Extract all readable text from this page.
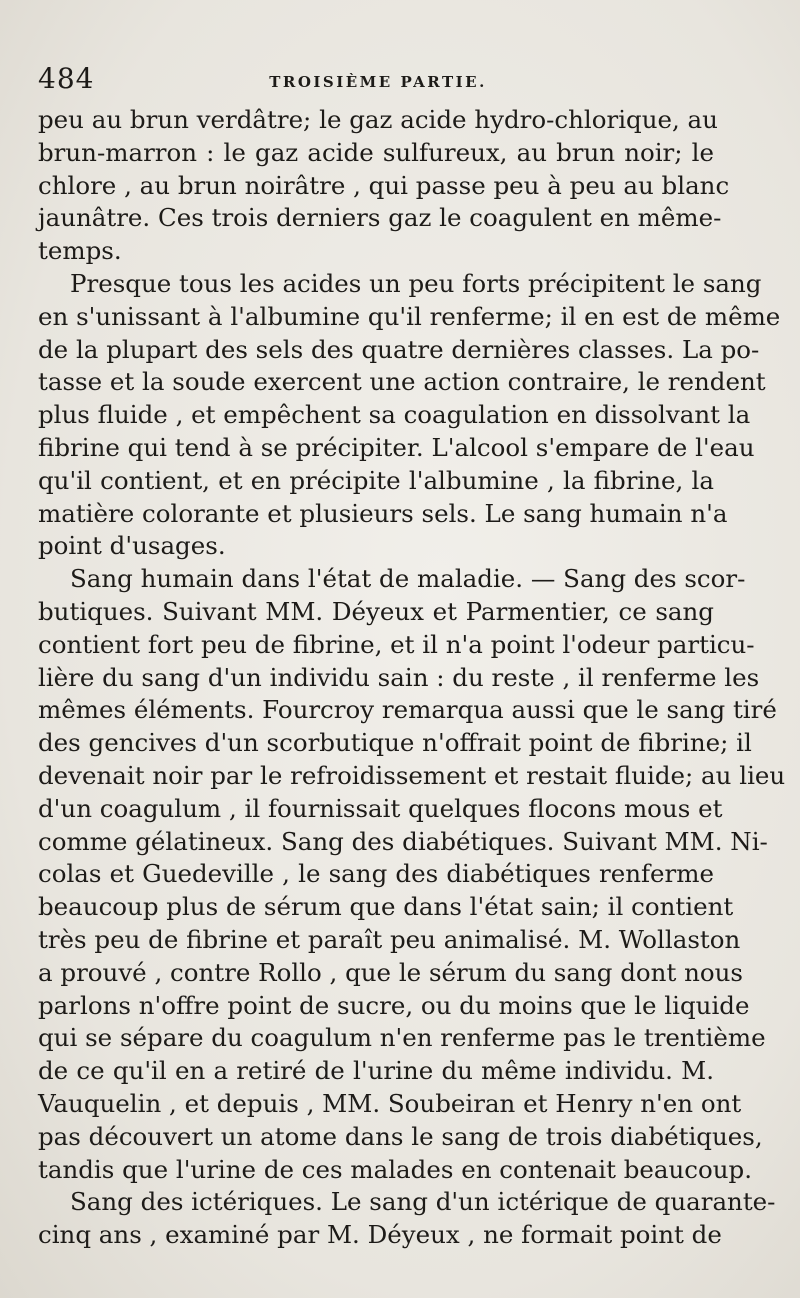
484	TROISIÈME PARTIE.
peu au brun verdâtre; le gaz acide hydro-chlorique, au
brun-marron : le gaz acide sulfureux, au brun noir; le
chlore , au brun noirâtre , qui passe peu à peu au blanc
jaunâtre. Ces trois derniers gaz le coagulent en même-
temps.
Presque tous les acides un peu forts précipitent le sang
en s'unissant à l'albumine qu'il renferme; il en est de même
de la plupart des sels des quatre dernières classes. La po-
tasse et la soude exercent une action contraire, le rendent
plus fluide , et empêchent sa coagulation en dissolvant la
fibrine qui tend à se précipiter. L'alcool s'empare de l'eau
qu'il contient, et en précipite l'albumine , la fibrine, la
matière colorante et plusieurs sels. Le sang humain n'a
point d'usages.
Sang humain dans l'état de maladie. — Sang des scor-
butiques. Suivant MM. Déyeux et Parmentier, ce sang
contient fort peu de fibrine, et il n'a point l'odeur particu-
lière du sang d'un individu sain : du reste , il renferme les
mêmes éléments. Fourcroy remarqua aussi que le sang tiré
des gencives d'un scorbutique n'offrait point de fibrine; il
devenait noir par le refroidissement et restait fluide; au lieu
d'un coagulum , il fournissait quelques flocons mous et
comme gélatineux. Sang des diabétiques. Suivant MM. Ni-
colas et Guedeville , le sang des diabétiques renferme
beaucoup plus de sérum que dans l'état sain; il contient
très peu de fibrine et paraît peu animalisé. M. Wollaston
a prouvé , contre Rollo , que le sérum du sang dont nous
parlons n'offre point de sucre, ou du moins que le liquide
qui se sépare du coagulum n'en renferme pas le trentième
de ce qu'il en a retiré de l'urine du même individu. M.
Vauquelin , et depuis , MM. Soubeiran et Henry n'en ont
pas découvert un atome dans le sang de trois diabétiques,
tandis que l'urine de ces malades en contenait beaucoup.
Sang des ictériques. Le sang d'un ictérique de quarante-
cinq ans , examiné par M. Déyeux , ne formait point de
